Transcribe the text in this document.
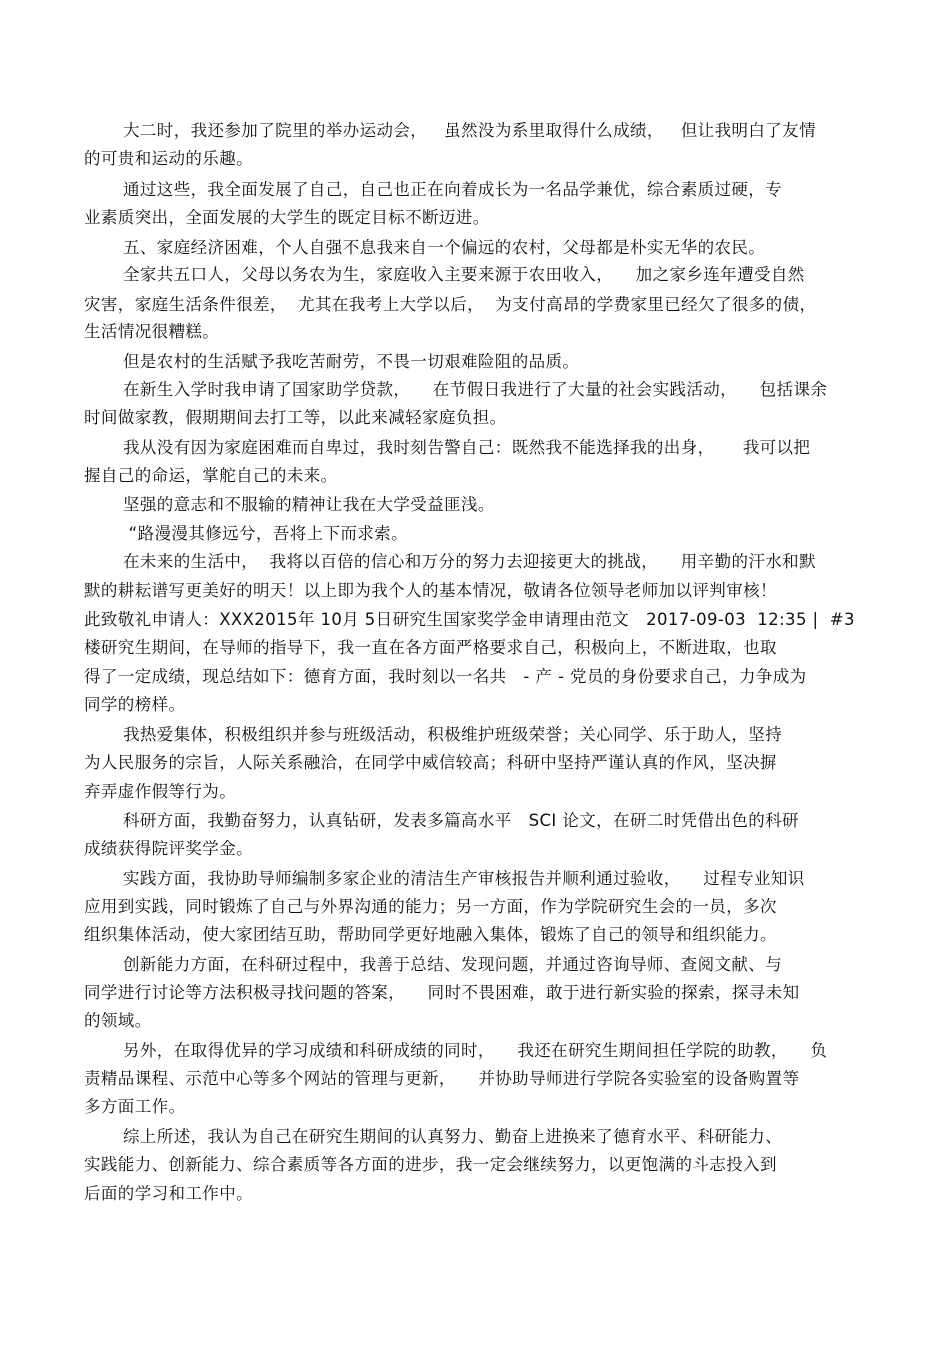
大二时，我还参加了院里的举办运动会，   虽然没为系里取得什么成绩，   但让我明白了友情
的可贵和运动的乐趣。
通过这些，我全面发展了自己，自己也正在向着成长为一名品学兼优，综合素质过硬，专
业素质突出，全面发展的大学生的既定目标不断迈进。
五、家庭经济困难，个人自强不息我来自一个偏远的农村，父母都是朴实无华的农民。
全家共五口人，父母以务农为生，家庭收入主要来源于农田收入，    加之家乡连年遭受自然
灾害，家庭生活条件很差，  尤其在我考上大学以后，  为支付高昂的学费家里已经欠了很多的债，
生活情况很糟糕。
但是农村的生活赋予我吃苦耐劳，不畏一切艰难险阻的品质。
在新生入学时我申请了国家助学贷款，    在节假日我进行了大量的社会实践活动，    包括课余
时间做家教，假期期间去打工等，以此来减轻家庭负担。
我从没有因为家庭困难而自卑过，我时刻告警自己：既然我不能选择我的出身，     我可以把
握自己的命运，掌舵自己的未来。
坚强的意志和不服输的精神让我在大学受益匪浅。
“路漫漫其修远兮，吾将上下而求索。
在未来的生活中，  我将以百倍的信心和万分的努力去迎接更大的挑战，    用辛勤的汗水和默
默的耕耘谱写更美好的明天！以上即为我个人的基本情况，敬请各位领导老师加以评判审核！
此致敬礼申请人：XXX2015年 10月 5日研究生国家奖学金申请理由范文   2017-09-03  12:35 |  #3
楼研究生期间，在导师的指导下，我一直在各方面严格要求自己，积极向上，不断进取，也取
得了一定成绩，现总结如下：德育方面，我时刻以一名共   - 产 - 党员的身份要求自己，力争成为
同学的榜样。
我热爱集体，积极组织并参与班级活动，积极维护班级荣誉；关心同学、乐于助人，坚持
为人民服务的宗旨，人际关系融洽，在同学中威信较高；科研中坚持严谨认真的作风，坚决摒
弃弄虚作假等行为。
科研方面，我勤奋努力，认真钻研，发表多篇高水平   SCI 论文，在研二时凭借出色的科研
成绩获得院评奖学金。
实践方面，我协助导师编制多家企业的清洁生产审核报告并顺利通过验收，    过程专业知识
应用到实践，同时锻炼了自己与外界沟通的能力；另一方面，作为学院研究生会的一员，多次
组织集体活动，使大家团结互助，帮助同学更好地融入集体，锻炼了自己的领导和组织能力。
创新能力方面，在科研过程中，我善于总结、发现问题，并通过咨询导师、查阅文献、与
同学进行讨论等方法积极寻找问题的答案，    同时不畏困难，敢于进行新实验的探索，探寻未知
的领域。
另外，在取得优异的学习成绩和科研成绩的同时，    我还在研究生期间担任学院的助教，    负
责精品课程、示范中心等多个网站的管理与更新，    并协助导师进行学院各实验室的设备购置等
多方面工作。
综上所述，我认为自己在研究生期间的认真努力、勤奋上进换来了德育水平、科研能力、
实践能力、创新能力、综合素质等各方面的进步，我一定会继续努力，以更饱满的斗志投入到
后面的学习和工作中。
